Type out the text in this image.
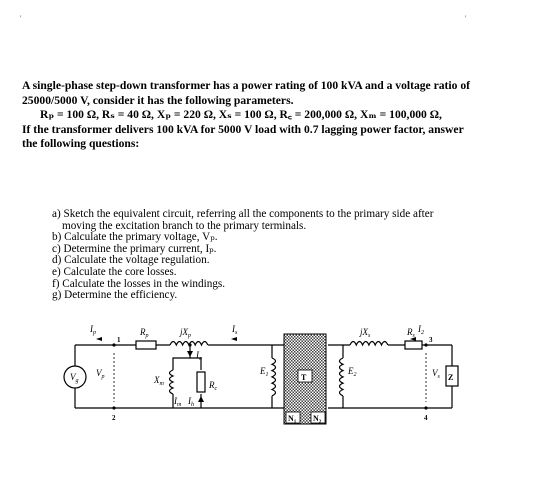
'	'

A single-phase step-down transformer has a power rating of 100 kVA and a voltage ratio of

25000/5000 V, consider it has the following parameters.

Rₚ = 100 Ω, Rₛ = 40 Ω, Xₚ = 220 Ω, Xₛ = 100 Ω, R꜀ = 200,000 Ω, Xₘ = 100,000 Ω,

If the transformer delivers 100 kVA for 5000 V load with 0.7 lagging power factor, answer

the following questions:

a) Sketch the equivalent circuit, referring all the components to the primary side after
moving the excitation branch to the primary terminals.
b) Calculate the primary voltage, Vₚ.
c) Determine the primary current, Iₚ.
d) Calculate the voltage regulation.
e) Calculate the core losses.
f) Calculate the losses in the windings.
g) Determine the efficiency.
$I_p$	$R_p$	$jX_p$
$I_s$	$jX_s$	$R_s$
$I_2$
$I_o$
$X_m$
$I_m$ $I_h$
$R_c$
$E_1$	$E_2$
$V_g$
$V_p$	$V_s$
T
$N_1$ $N_2$
Z
1
2
3
4
